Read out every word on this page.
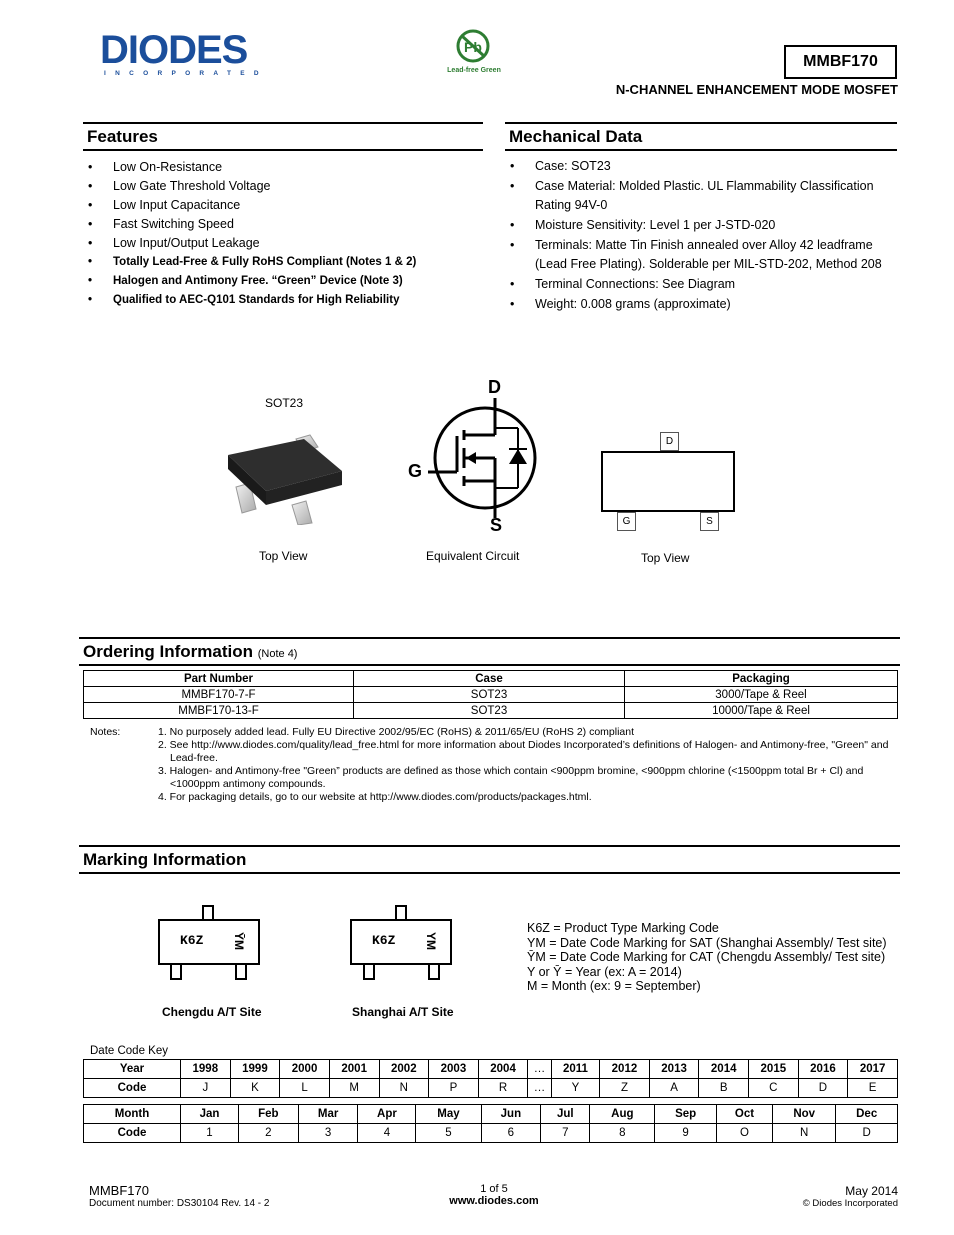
DIODES
INCORPORATED
Pb
Lead-free Green
MMBF170
N-CHANNEL ENHANCEMENT MODE MOSFET
Features
• Low On-Resistance
• Low Gate Threshold Voltage
• Low Input Capacitance
• Fast Switching Speed
• Low Input/Output Leakage
• Totally Lead-Free & Fully RoHS Compliant (Notes 1 & 2)
• Halogen and Antimony Free. “Green” Device (Note 3)
• Qualified to AEC-Q101 Standards for High Reliability
Mechanical Data
• Case: SOT23
• Case Material: Molded Plastic. UL Flammability Classification Rating 94V-0
• Moisture Sensitivity: Level 1 per J-STD-020
• Terminals: Matte Tin Finish annealed over Alloy 42 leadframe (Lead Free Plating). Solderable per MIL-STD-202, Method 208
• Terminal Connections: See Diagram
• Weight: 0.008 grams (approximate)
SOT23
Top View
D
G
S
Equivalent Circuit
D
G	S
Top View
Ordering Information (Note 4)
Part Number	Case	Packaging
MMBF170-7-F	SOT23	3000/Tape & Reel
MMBF170-13-F	SOT23	10000/Tape & Reel
Notes:	1. No purposely added lead. Fully EU Directive 2002/95/EC (RoHS) & 2011/65/EU (RoHS 2) compliant
2. See http://www.diodes.com/quality/lead_free.html for more information about Diodes Incorporated’s definitions of Halogen- and Antimony-free, "Green" and Lead-free.
3. Halogen- and Antimony-free "Green” products are defined as those which contain <900ppm bromine, <900ppm chlorine (<1500ppm total Br + Cl) and <1000ppm antimony compounds.
4. For packaging details, go to our website at http://www.diodes.com/products/packages.html.
Marking Information
K6Z ȲM
Chengdu A/T Site
K6Z YM
Shanghai A/T Site
K6Z = Product Type Marking Code
YM = Date Code Marking for SAT (Shanghai Assembly/ Test site)
ȲM = Date Code Marking for CAT (Chengdu Assembly/ Test site)
Y or Ȳ = Year (ex: A = 2014)
M = Month (ex: 9 = September)
Date Code Key
Year	1998	1999	2000	2001	2002	2003	2004	…	2011	2012	2013	2014	2015	2016	2017
Code	J	K	L	M	N	P	R	…	Y	Z	A	B	C	D	E
Month	Jan	Feb	Mar	Apr	May	Jun	Jul	Aug	Sep	Oct	Nov	Dec
Code	1	2	3	4	5	6	7	8	9	O	N	D
MMBF170
Document number: DS30104 Rev. 14 - 2
1 of 5
www.diodes.com
May 2014
© Diodes Incorporated
